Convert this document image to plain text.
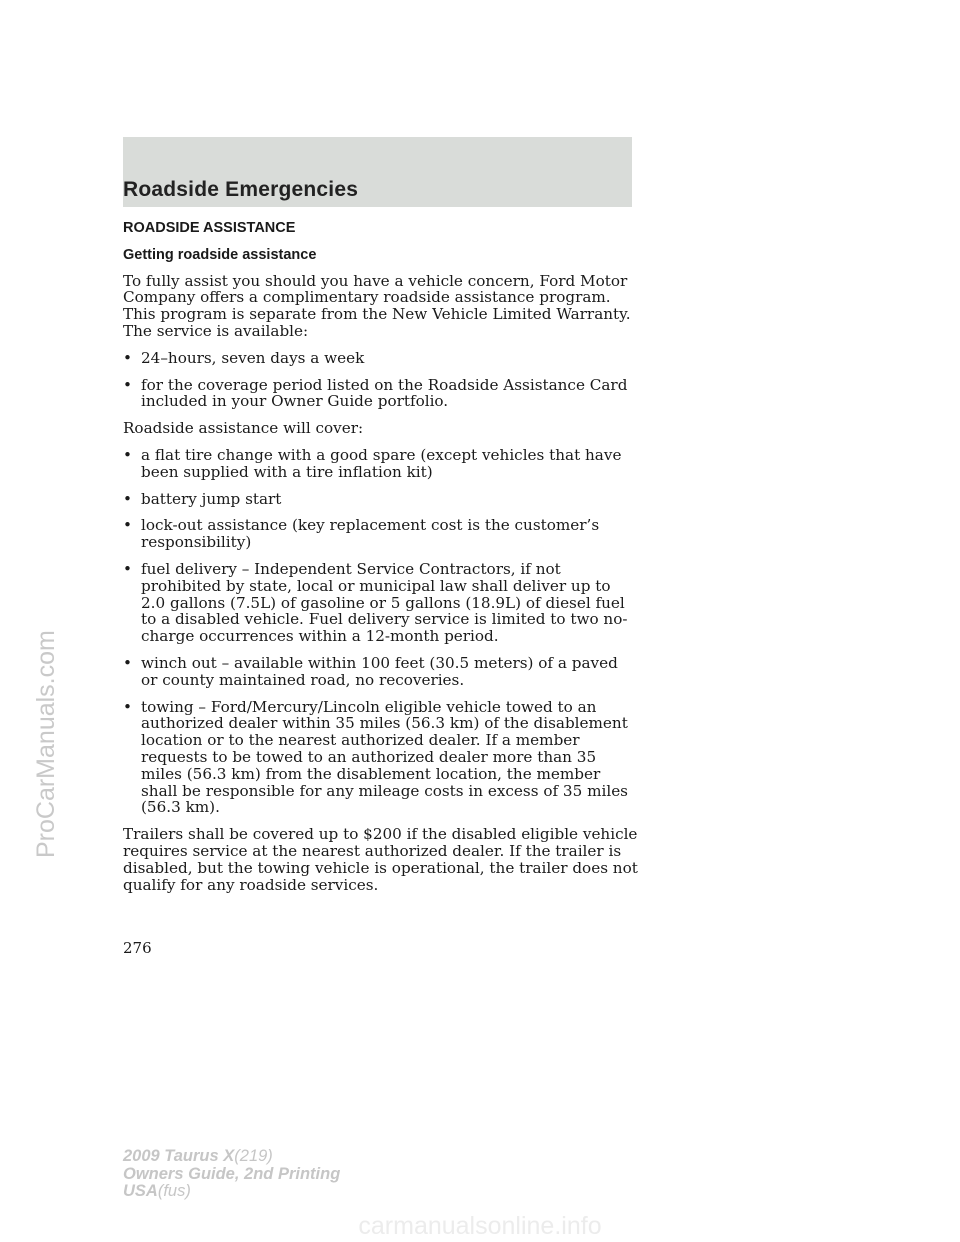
Roadside Emergencies
ProCarManuals.com
ROADSIDE ASSISTANCE
Getting roadside assistance

To fully assist you should you have a vehicle concern, Ford Motor Company offers a complimentary roadside assistance program. This program is separate from the New Vehicle Limited Warranty. The service is available:

• 24–hours, seven days a week
• for the coverage period listed on the Roadside Assistance Card included in your Owner Guide portfolio.

Roadside assistance will cover:

• a flat tire change with a good spare (except vehicles that have been supplied with a tire inflation kit)
• battery jump start
• lock-out assistance (key replacement cost is the customer’s responsibility)
• fuel delivery – Independent Service Contractors, if not prohibited by state, local or municipal law shall deliver up to 2.0 gallons (7.5L) of gasoline or 5 gallons (18.9L) of diesel fuel to a disabled vehicle. Fuel delivery service is limited to two no-charge occurrences within a 12-month period.
• winch out – available within 100 feet (30.5 meters) of a paved or county maintained road, no recoveries.
• towing – Ford/Mercury/Lincoln eligible vehicle towed to an authorized dealer within 35 miles (56.3 km) of the disablement location or to the nearest authorized dealer. If a member requests to be towed to an authorized dealer more than 35 miles (56.3 km) from the disablement location, the member shall be responsible for any mileage costs in excess of 35 miles (56.3 km).

Trailers shall be covered up to $200 if the disabled eligible vehicle requires service at the nearest authorized dealer. If the trailer is disabled, but the towing vehicle is operational, the trailer does not qualify for any roadside services.

276
2009 Taurus X(219)
Owners Guide, 2nd Printing
USA(fus)
carmanualsonline.info
